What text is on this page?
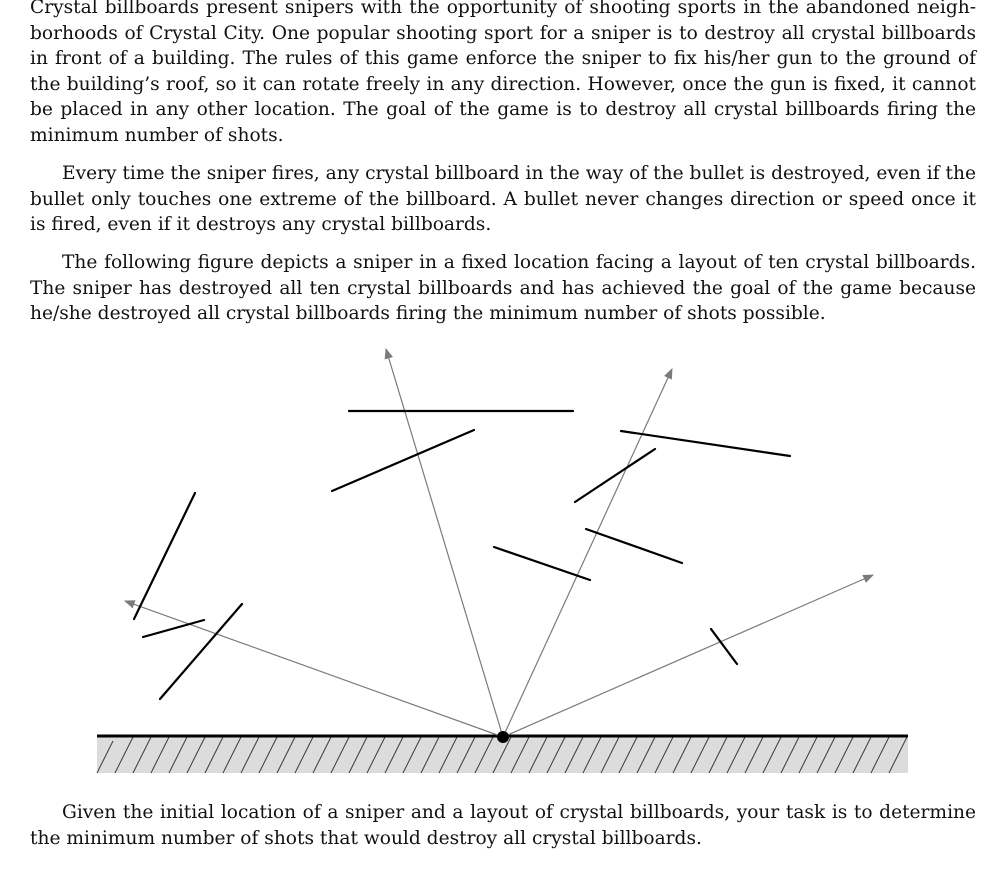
Crystal billboards present snipers with the opportunity of shooting sports in the abandoned neighborhoods of Crystal City. One popular shooting sport for a sniper is to destroy all crystal billboards in front of a building. The rules of this game enforce the sniper to fix his/her gun to the ground of the building’s roof, so it can rotate freely in any direction. However, once the gun is fixed, it cannot be placed in any other location. The goal of the game is to destroy all crystal billboards firing the minimum number of shots.

Every time the sniper fires, any crystal billboard in the way of the bullet is destroyed, even if the bullet only touches one extreme of the billboard. A bullet never changes direction or speed once it is fired, even if it destroys any crystal billboards.

The following figure depicts a sniper in a fixed location facing a layout of ten crystal billboards. The sniper has destroyed all ten crystal billboards and has achieved the goal of the game because he/she destroyed all crystal billboards firing the minimum number of shots possible.

Given the initial location of a sniper and a layout of crystal billboards, your task is to determine the minimum number of shots that would destroy all crystal billboards.
